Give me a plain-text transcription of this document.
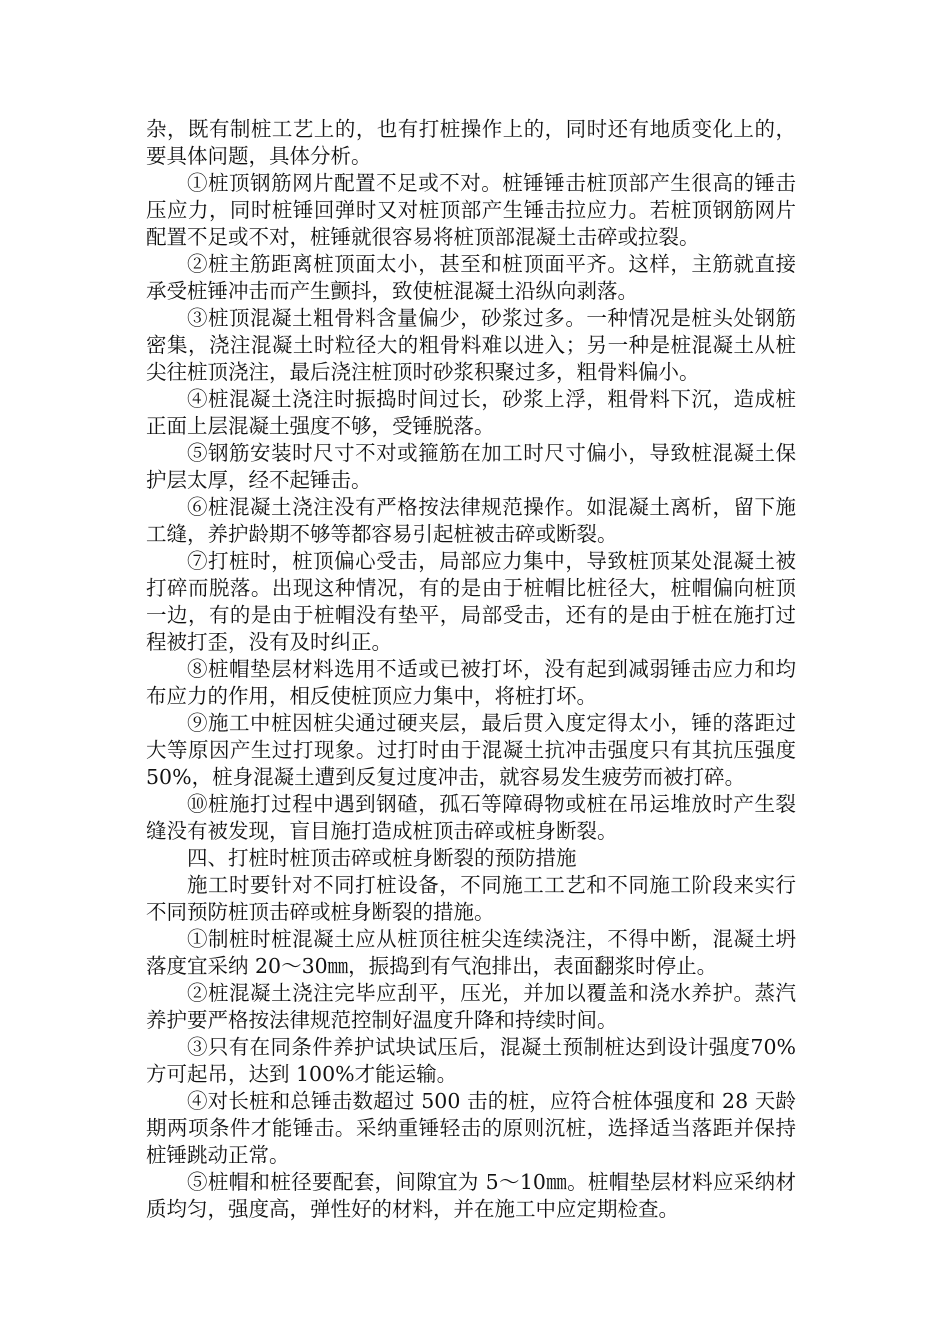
杂，既有制桩工艺上的，也有打桩操作上的，同时还有地质变化上的，要具体问题，具体分析。

①桩顶钢筋网片配置不足或不对。桩锤锤击桩顶部产生很高的锤击压应力，同时桩锤回弹时又对桩顶部产生锤击拉应力。若桩顶钢筋网片配置不足或不对，桩锤就很容易将桩顶部混凝土击碎或拉裂。

②桩主筋距离桩顶面太小，甚至和桩顶面平齐。这样，主筋就直接承受桩锤冲击而产生颤抖，致使桩混凝土沿纵向剥落。

③桩顶混凝土粗骨料含量偏少，砂浆过多。一种情况是桩头处钢筋密集，浇注混凝土时粒径大的粗骨料难以进入；另一种是桩混凝土从桩尖往桩顶浇注，最后浇注桩顶时砂浆积聚过多，粗骨料偏小。

④桩混凝土浇注时振捣时间过长，砂浆上浮，粗骨料下沉，造成桩正面上层混凝土强度不够，受锤脱落。

⑤钢筋安装时尺寸不对或箍筋在加工时尺寸偏小，导致桩混凝土保护层太厚，经不起锤击。

⑥桩混凝土浇注没有严格按法律规范操作。如混凝土离析，留下施工缝，养护龄期不够等都容易引起桩被击碎或断裂。

⑦打桩时，桩顶偏心受击，局部应力集中，导致桩顶某处混凝土被打碎而脱落。出现这种情况，有的是由于桩帽比桩径大，桩帽偏向桩顶一边，有的是由于桩帽没有垫平，局部受击，还有的是由于桩在施打过程被打歪，没有及时纠正。

⑧桩帽垫层材料选用不适或已被打坏，没有起到减弱锤击应力和均布应力的作用，相反使桩顶应力集中，将桩打坏。

⑨施工中桩因桩尖通过硬夹层，最后贯入度定得太小，锤的落距过大等原因产生过打现象。过打时由于混凝土抗冲击强度只有其抗压强度 50%，桩身混凝土遭到反复过度冲击，就容易发生疲劳而被打碎。

⑩桩施打过程中遇到钢碴，孤石等障碍物或桩在吊运堆放时产生裂缝没有被发现，盲目施打造成桩顶击碎或桩身断裂。

四、打桩时桩顶击碎或桩身断裂的预防措施

施工时要针对不同打桩设备，不同施工工艺和不同施工阶段来实行不同预防桩顶击碎或桩身断裂的措施。

①制桩时桩混凝土应从桩顶往桩尖连续浇注，不得中断，混凝土坍落度宜采纳 20～30㎜，振捣到有气泡排出，表面翻浆时停止。

②桩混凝土浇注完毕应刮平，压光，并加以覆盖和浇水养护。蒸汽养护要严格按法律规范控制好温度升降和持续时间。

③只有在同条件养护试块试压后，混凝土预制桩达到设计强度70%方可起吊，达到 100%才能运输。

④对长桩和总锤击数超过 500 击的桩，应符合桩体强度和 28 天龄期两项条件才能锤击。采纳重锤轻击的原则沉桩，选择适当落距并保持桩锤跳动正常。

⑤桩帽和桩径要配套，间隙宜为 5～10㎜。桩帽垫层材料应采纳材质均匀，强度高，弹性好的材料，并在施工中应定期检查。
